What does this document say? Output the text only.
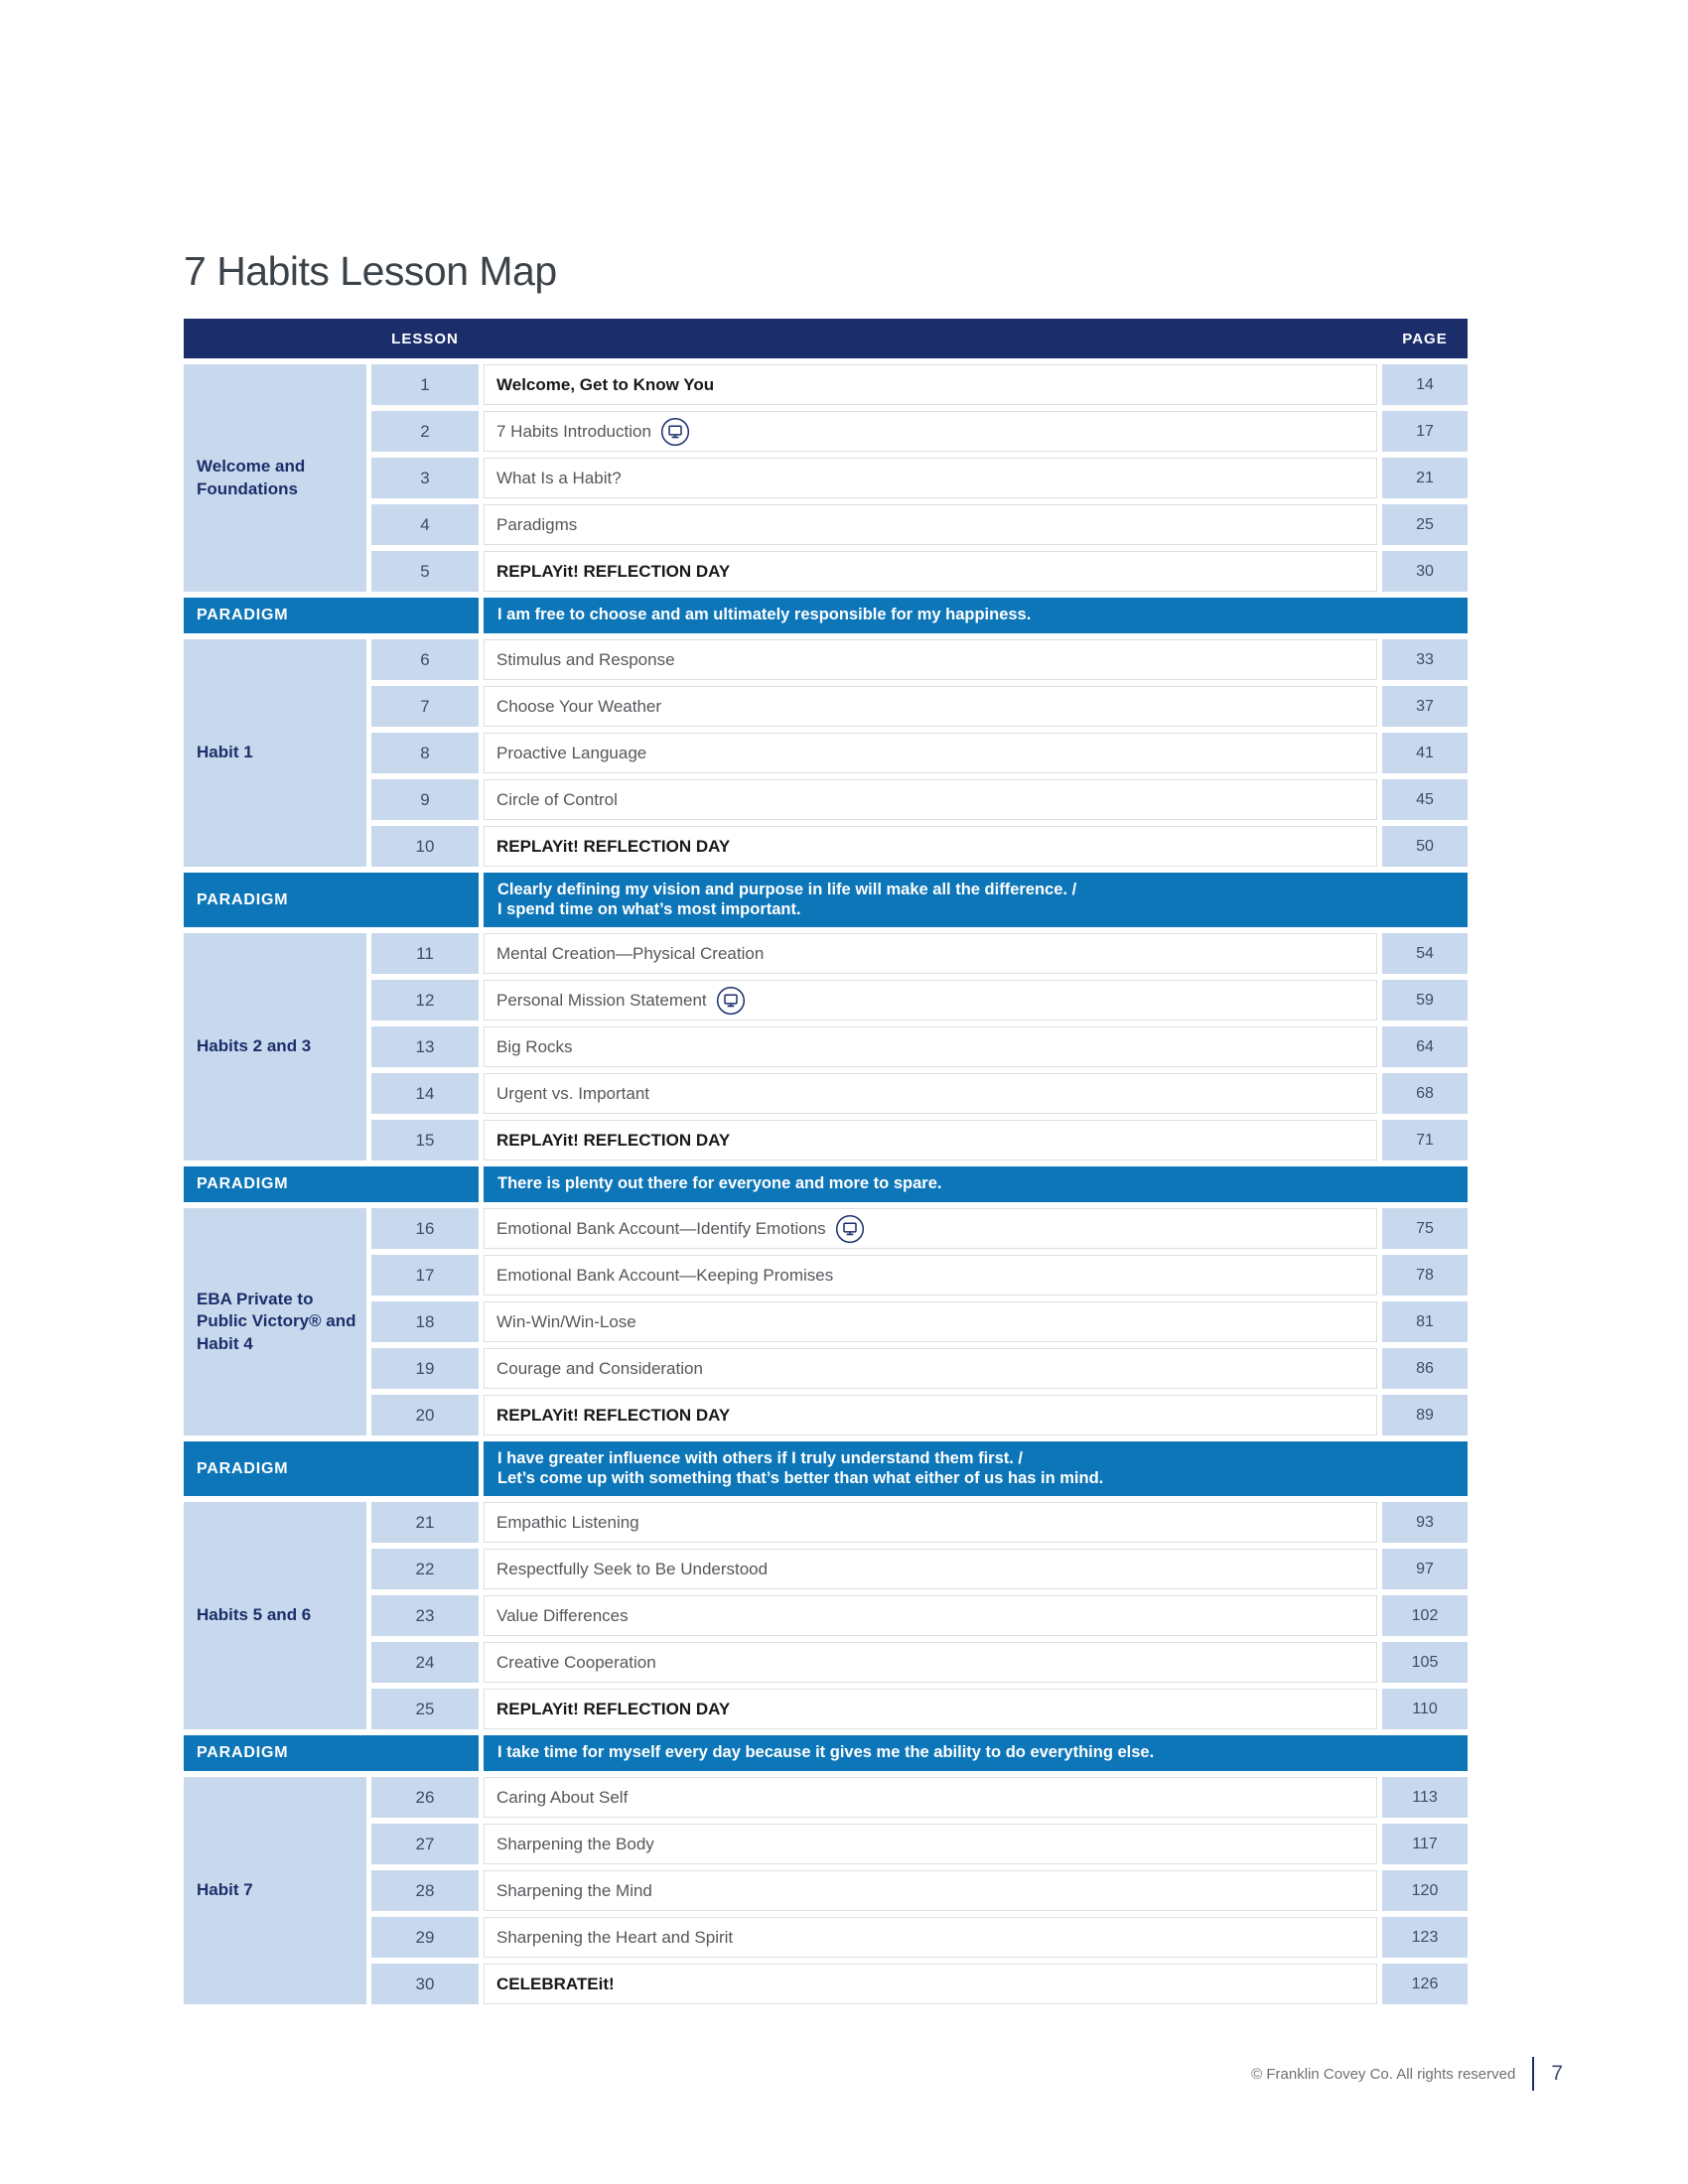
7 Habits Lesson Map
LESSON	PAGE
Welcome and Foundations
1	Welcome, Get to Know You	14
2	7 Habits Introduction	17
3	What Is a Habit?	21
4	Paradigms	25
5	REPLAYit! REFLECTION DAY	30
PARADIGM	I am free to choose and am ultimately responsible for my happiness.
Habit 1
6	Stimulus and Response	33
7	Choose Your Weather	37
8	Proactive Language	41
9	Circle of Control	45
10	REPLAYit! REFLECTION DAY	50
PARADIGM
Clearly defining my vision and purpose in life will make all the difference. /
I spend time on what’s most important.
Habits 2 and 3
11	Mental Creation—Physical Creation	54
12	Personal Mission Statement	59
13	Big Rocks	64
14	Urgent vs. Important	68
15	REPLAYit! REFLECTION DAY	71
PARADIGM	There is plenty out there for everyone and more to spare.
EBA Private to Public Victory® and Habit 4
16	Emotional Bank Account—Identify Emotions	75
17	Emotional Bank Account—Keeping Promises	78
18	Win-Win/Win-Lose	81
19	Courage and Consideration	86
20	REPLAYit! REFLECTION DAY	89
PARADIGM
I have greater influence with others if I truly understand them first. /
Let’s come up with something that’s better than what either of us has in mind.
Habits 5 and 6
21	Empathic Listening	93
22	Respectfully Seek to Be Understood	97
23	Value Differences	102
24	Creative Cooperation	105
25	REPLAYit! REFLECTION DAY	110
PARADIGM	I take time for myself every day because it gives me the ability to do everything else.
Habit 7
26	Caring About Self	113
27	Sharpening the Body	117
28	Sharpening the Mind	120
29	Sharpening the Heart and Spirit	123
30	CELEBRATEit!	126
© Franklin Covey Co. All rights reserved 7
